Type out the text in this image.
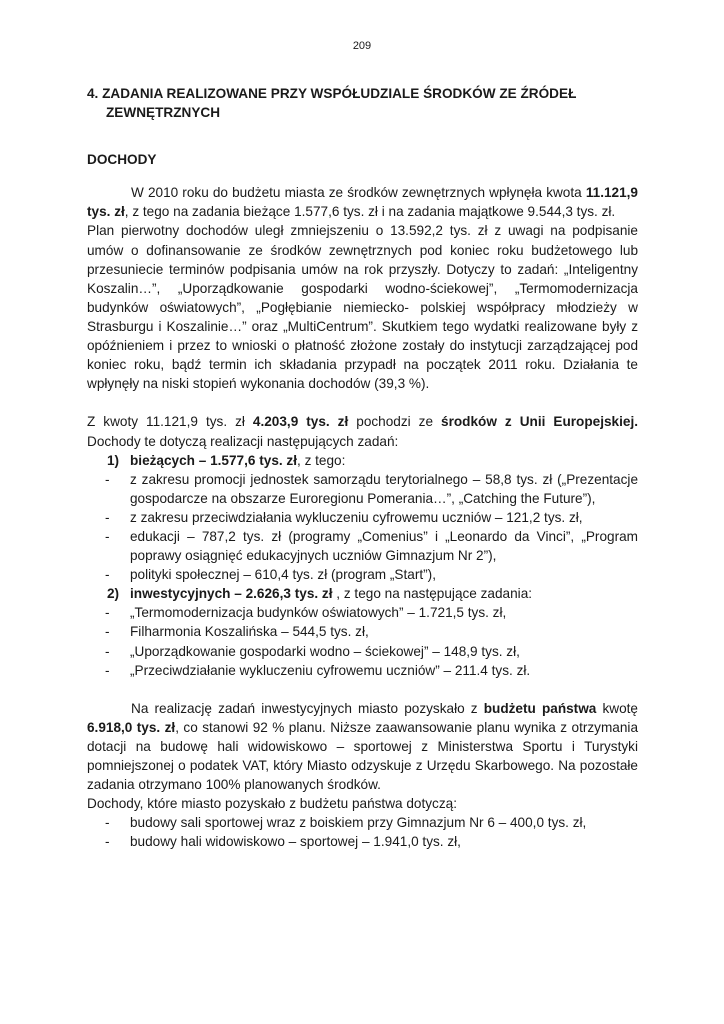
209

4. ZADANIA REALIZOWANE PRZY WSPÓŁUDZIALE ŚRODKÓW ZE ŹRÓDEŁ
ZEWNĘTRZNYCH

DOCHODY

W 2010 roku do budżetu miasta ze środków zewnętrznych wpłynęła kwota 11.121,9 tys. zł, z tego na zadania bieżące 1.577,6 tys. zł i na zadania majątkowe 9.544,3 tys. zł.

Plan pierwotny dochodów uległ zmniejszeniu o 13.592,2 tys. zł z uwagi na podpisanie umów o dofinansowanie ze środków zewnętrznych pod koniec roku budżetowego lub przesuniecie terminów podpisania umów na rok przyszły. Dotyczy to zadań: „Inteligentny Koszalin…”, „Uporządkowanie gospodarki wodno-ściekowej”, „Termomodernizacja budynków oświatowych”, „Pogłębianie niemiecko- polskiej współpracy młodzieży w Strasburgu i Koszalinie…” oraz „MultiCentrum”. Skutkiem tego wydatki realizowane były z opóźnieniem i przez to wnioski o płatność złożone zostały do instytucji zarządzającej pod koniec roku, bądź termin ich składania przypadł na początek 2011 roku. Działania te wpłynęły na niski stopień wykonania dochodów (39,3 %).

Z kwoty 11.121,9 tys. zł 4.203,9 tys. zł pochodzi ze środków z Unii Europejskiej. Dochody te dotyczą realizacji następujących zadań:

1) bieżących – 1.577,6 tys. zł, z tego:

- z zakresu promocji jednostek samorządu terytorialnego – 58,8 tys. zł („Prezentacje gospodarcze na obszarze Euroregionu Pomerania…”, „Catching the Future”),

- z zakresu przeciwdziałania wykluczeniu cyfrowemu uczniów – 121,2 tys. zł,

- edukacji – 787,2 tys. zł (programy „Comenius” i „Leonardo da Vinci”, „Program poprawy osiągnięć edukacyjnych uczniów Gimnazjum Nr 2”),

- polityki społecznej – 610,4 tys. zł (program „Start”),

2) inwestycyjnych – 2.626,3 tys. zł , z tego na następujące zadania:

- „Termomodernizacja budynków oświatowych” – 1.721,5 tys. zł,

- Filharmonia Koszalińska – 544,5 tys. zł,

- „Uporządkowanie gospodarki wodno – ściekowej” – 148,9 tys. zł,

- „Przeciwdziałanie wykluczeniu cyfrowemu uczniów” – 211.4 tys. zł.

Na realizację zadań inwestycyjnych miasto pozyskało z budżetu państwa kwotę 6.918,0 tys. zł, co stanowi 92 % planu. Niższe zaawansowanie planu wynika z otrzymania dotacji na budowę hali widowiskowo – sportowej z Ministerstwa Sportu i Turystyki pomniejszonej o podatek VAT, który Miasto odzyskuje z Urzędu Skarbowego. Na pozostałe zadania otrzymano 100% planowanych środków.

Dochody, które miasto pozyskało z budżetu państwa dotyczą:

- budowy sali sportowej wraz z boiskiem przy Gimnazjum Nr 6 – 400,0 tys. zł,

- budowy hali widowiskowo – sportowej – 1.941,0 tys. zł,
